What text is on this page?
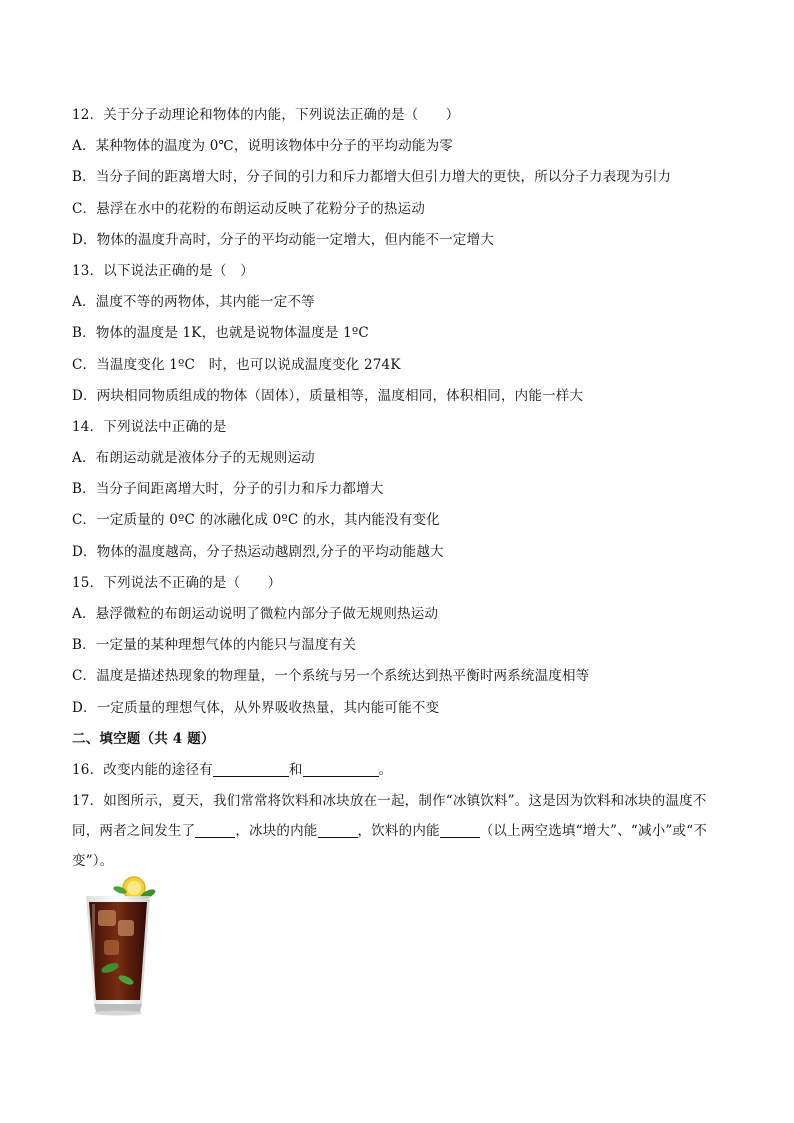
12．关于分子动理论和物体的内能，下列说法正确的是（　　）
A．某种物体的温度为 0℃，说明该物体中分子的平均动能为零
B．当分子间的距离增大时，分子间的引力和斥力都增大但引力增大的更快，所以分子力表现为引力
C．悬浮在水中的花粉的布朗运动反映了花粉分子的热运动
D．物体的温度升高时，分子的平均动能一定增大，但内能不一定增大
13．以下说法正确的是（　）
A．温度不等的两物体，其内能一定不等
B．物体的温度是 1K，也就是说物体温度是 1ºC
C．当温度变化 1ºC　时，也可以说成温度变化 274K
D．两块相同物质组成的物体（固体），质量相等，温度相同，体积相同，内能一样大
14．下列说法中正确的是
A．布朗运动就是液体分子的无规则运动
B．当分子间距离增大时，分子的引力和斥力都增大
C．一定质量的 0ºC 的冰融化成 0ºC 的水，其内能没有变化
D．物体的温度越高，分子热运动越剧烈,分子的平均动能越大
15．下列说法不正确的是（　　）
A．悬浮微粒的布朗运动说明了微粒内部分子做无规则热运动
B．一定量的某种理想气体的内能只与温度有关
C．温度是描述热现象的物理量，一个系统与另一个系统达到热平衡时两系统温度相等
D．一定质量的理想气体，从外界吸收热量，其内能可能不变
二、填空题（共 4 题）
16．改变内能的途径有	和	。
17．如图所示，夏天，我们常常将饮料和冰块放在一起，制作“冰镇饮料”。这是因为饮料和冰块的温度不同，两者之间发生了	，冰块的内能	，饮料的内能	（以上两空选填“增大”、“减小”或“不变”）。
